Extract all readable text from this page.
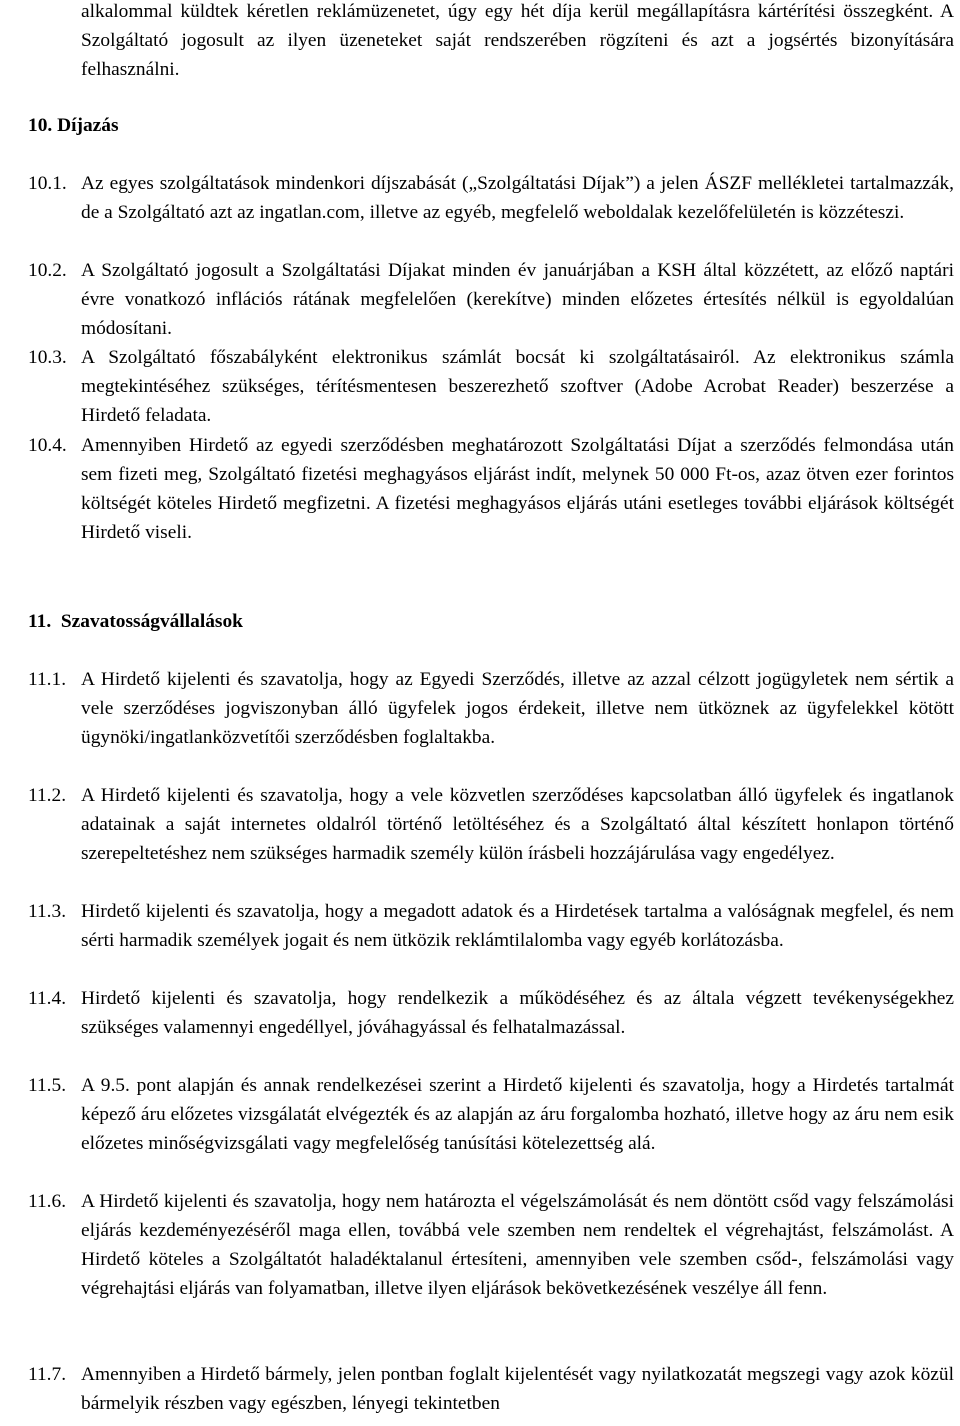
alkalommal küldtek kéretlen reklámüzenetet, úgy egy hét díja kerül megállapításra kártérítési összegként. A Szolgáltató jogosult az ilyen üzeneteket saját rendszerében rögzíteni és azt a jogsértés bizonyítására felhasználni.

10. Díjazás
10.1. Az egyes szolgáltatások mindenkori díjszabását („Szolgáltatási Díjak”) a jelen ÁSZF mellékletei tartalmazzák, de a Szolgáltató azt az ingatlan.com, illetve az egyéb, megfelelő weboldalak kezelőfelületén is közzéteszi.
10.2. A Szolgáltató jogosult a Szolgáltatási Díjakat minden év januárjában a KSH által közzétett, az előző naptári évre vonatkozó inflációs rátának megfelelően (kerekítve) minden előzetes értesítés nélkül is egyoldalúan módosítani.
10.3. A Szolgáltató főszabályként elektronikus számlát bocsát ki szolgáltatásairól. Az elektronikus számla megtekintéséhez szükséges, térítésmentesen beszerezhető szoftver (Adobe Acrobat Reader) beszerzése a Hirdető feladata.
10.4. Amennyiben Hirdető az egyedi szerződésben meghatározott Szolgáltatási Díjat a szerződés felmondása után sem fizeti meg, Szolgáltató fizetési meghagyásos eljárást indít, melynek 50 000 Ft-os, azaz ötven ezer forintos költségét köteles Hirdető megfizetni. A fizetési meghagyásos eljárás utáni esetleges további eljárások költségét Hirdető viseli.
11. Szavatosságvállalások
11.1. A Hirdető kijelenti és szavatolja, hogy az Egyedi Szerződés, illetve az azzal célzott jogügyletek nem sértik a vele szerződéses jogviszonyban álló ügyfelek jogos érdekeit, illetve nem ütköznek az ügyfelekkel kötött ügynöki/ingatlanközvetítői szerződésben foglaltakba.
11.2. A Hirdető kijelenti és szavatolja, hogy a vele közvetlen szerződéses kapcsolatban álló ügyfelek és ingatlanok adatainak a saját internetes oldalról történő letöltéséhez és a Szolgáltató által készített honlapon történő szerepeltetéshez nem szükséges harmadik személy külön írásbeli hozzájárulása vagy engedélyez.
11.3. Hirdető kijelenti és szavatolja, hogy a megadott adatok és a Hirdetések tartalma a valóságnak megfelel, és nem sérti harmadik személyek jogait és nem ütközik reklámtilalomba vagy egyéb korlátozásba.
11.4. Hirdető kijelenti és szavatolja, hogy rendelkezik a működéséhez és az általa végzett tevékenységekhez szükséges valamennyi engedéllyel, jóváhagyással és felhatalmazással.
11.5. A 9.5. pont alapján és annak rendelkezései szerint a Hirdető kijelenti és szavatolja, hogy a Hirdetés tartalmát képező áru előzetes vizsgálatát elvégezték és az alapján az áru forgalomba hozható, illetve hogy az áru nem esik előzetes minőségvizsgálati vagy megfelelőség tanúsítási kötelezettség alá.
11.6. A Hirdető kijelenti és szavatolja, hogy nem határozta el végelszámolását és nem döntött csőd vagy felszámolási eljárás kezdeményezéséről maga ellen, továbbá vele szemben nem rendeltek el végrehajtást, felszámolást. A Hirdető köteles a Szolgáltatót haladéktalanul értesíteni, amennyiben vele szemben csőd-, felszámolási vagy végrehajtási eljárás van folyamatban, illetve ilyen eljárások bekövetkezésének veszélye áll fenn.
11.7. Amennyiben a Hirdető bármely, jelen pontban foglalt kijelentését vagy nyilatkozatát megszegi vagy azok közül bármelyik részben vagy egészben, lényegi tekintetben
